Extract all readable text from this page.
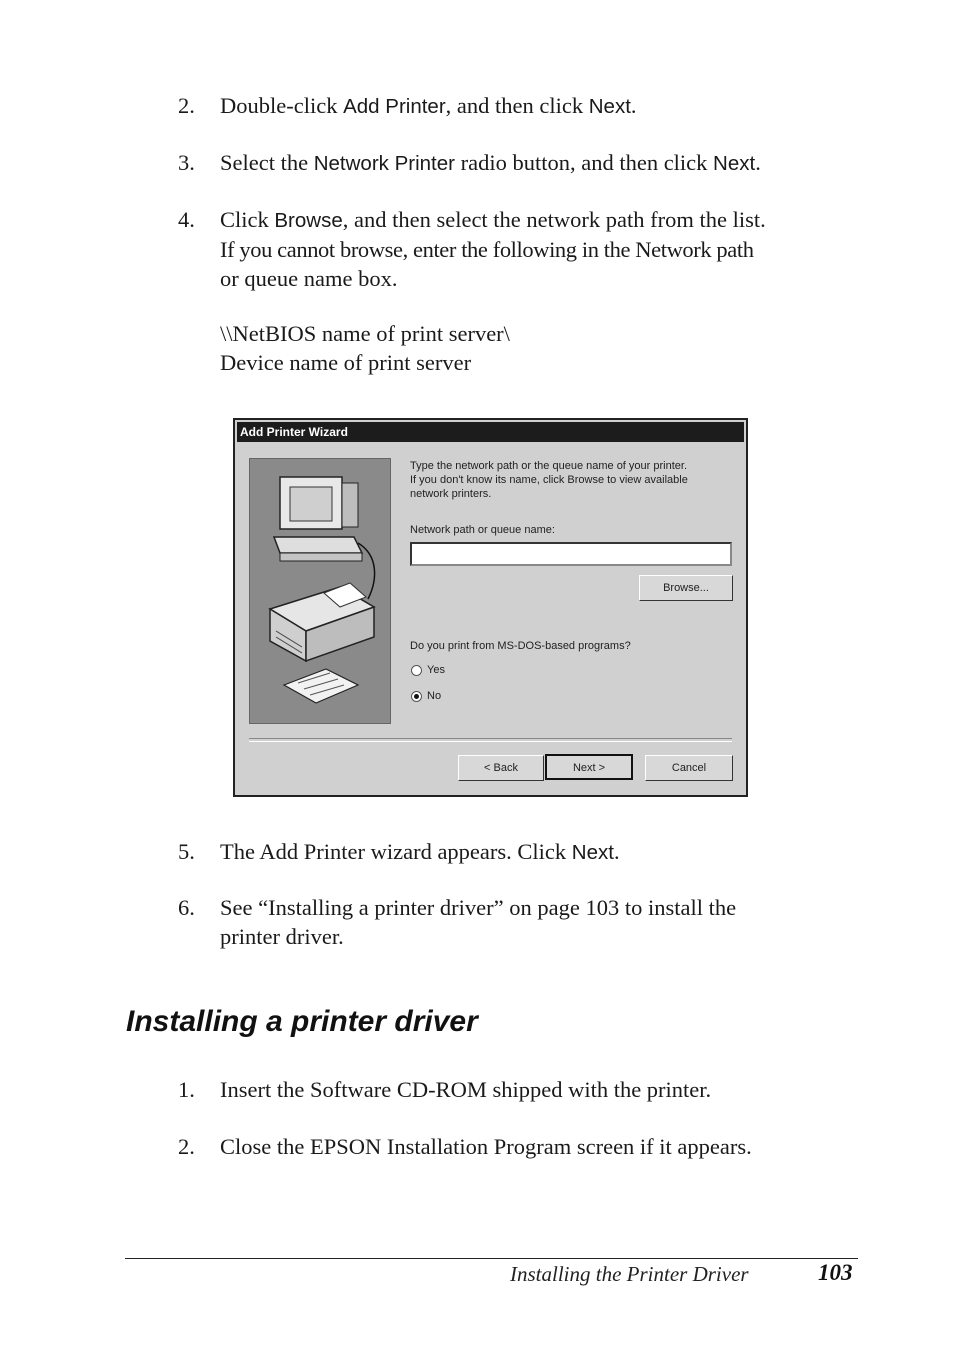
2.	Double-click Add Printer, and then click Next.
3.	Select the Network Printer radio button, and then click Next.
4.	Click Browse, and then select the network path from the list.
If you cannot browse, enter the following in the Network path
or queue name box.
\\NetBIOS name of print server\
Device name of print server
Add Printer Wizard
Type the network path or the queue name of your printer.
If you don't know its name, click Browse to view available
network printers.
Network path or queue name:
Browse...
Do you print from MS-DOS-based programs?
Yes
No
< Back	Next >	Cancel
5.	The Add Printer wizard appears. Click Next.
6.	See “Installing a printer driver” on page 103 to install the
printer driver.
Installing a printer driver
1.	Insert the Software CD-ROM shipped with the printer.
2.	Close the EPSON Installation Program screen if it appears.
Installing the Printer Driver	103
